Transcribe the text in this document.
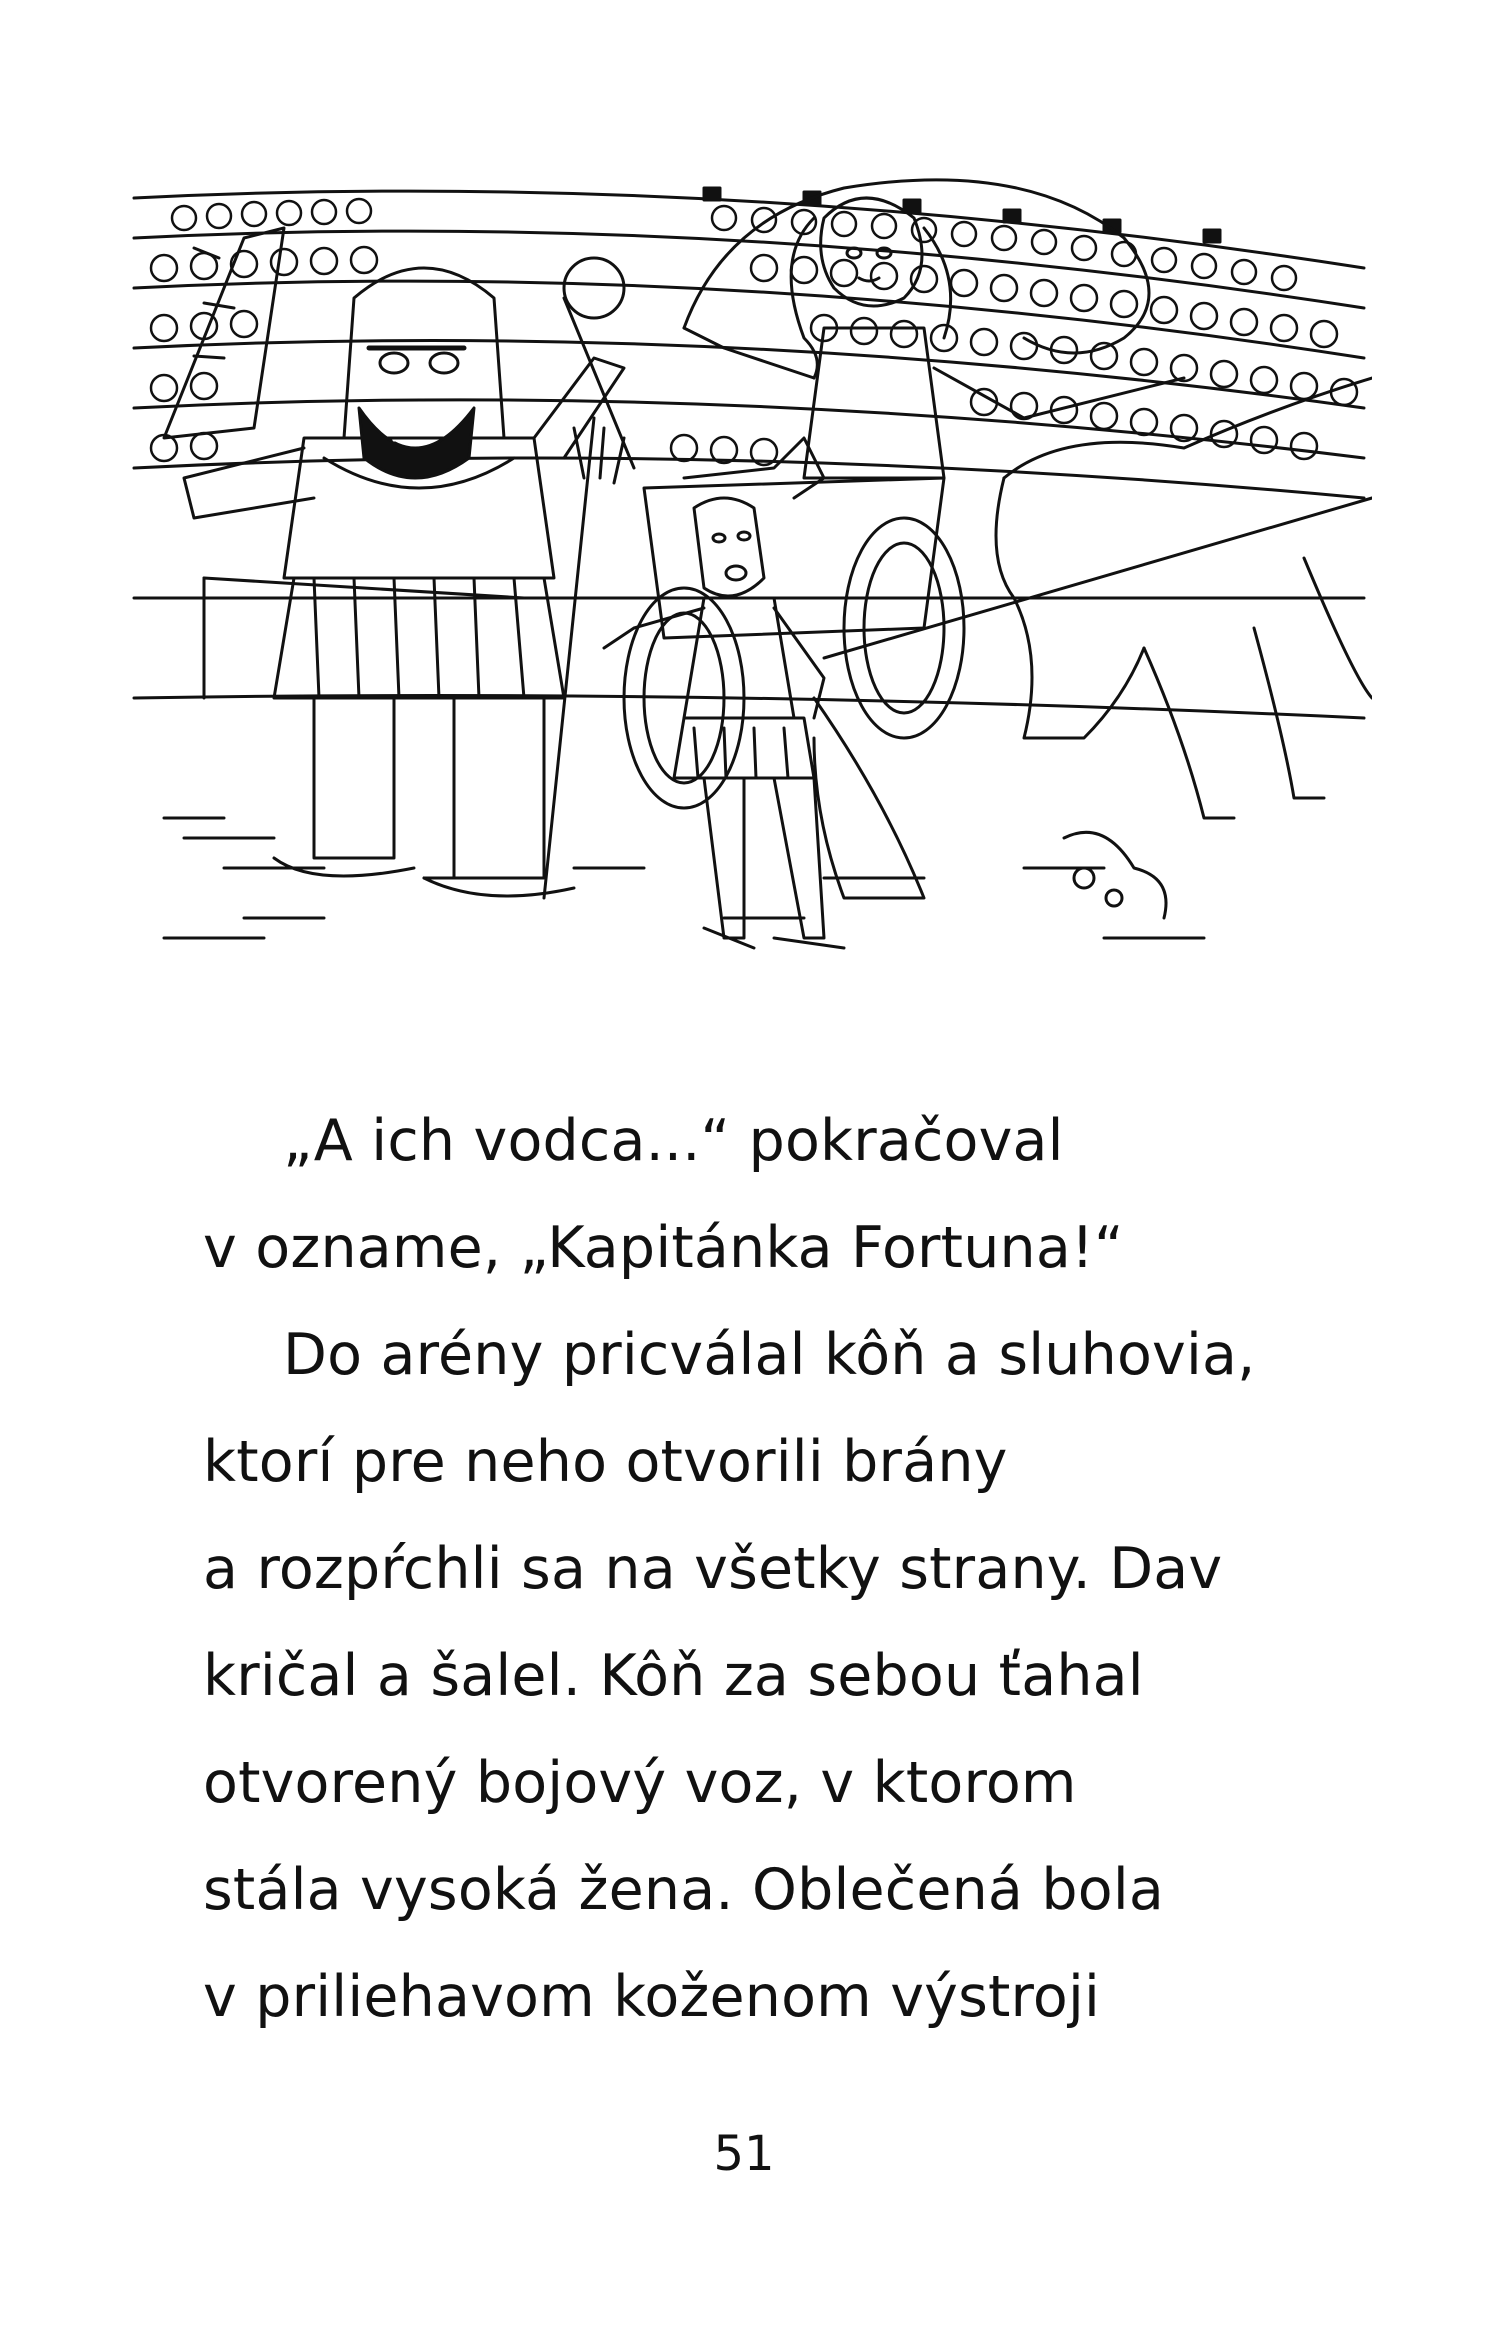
„A ich vodca...“ pokračoval
v ozname, „Kapitánka Fortuna!“
Do arény pricválal kôň a sluhovia,
ktorí pre neho otvorili brány
a rozpŕchli sa na všetky strany. Dav
kričal a šalel. Kôň za sebou ťahal
otvorený bojový voz, v ktorom
stála vysoká žena. Oblečená bola
v priliehavom koženom výstroji
51
